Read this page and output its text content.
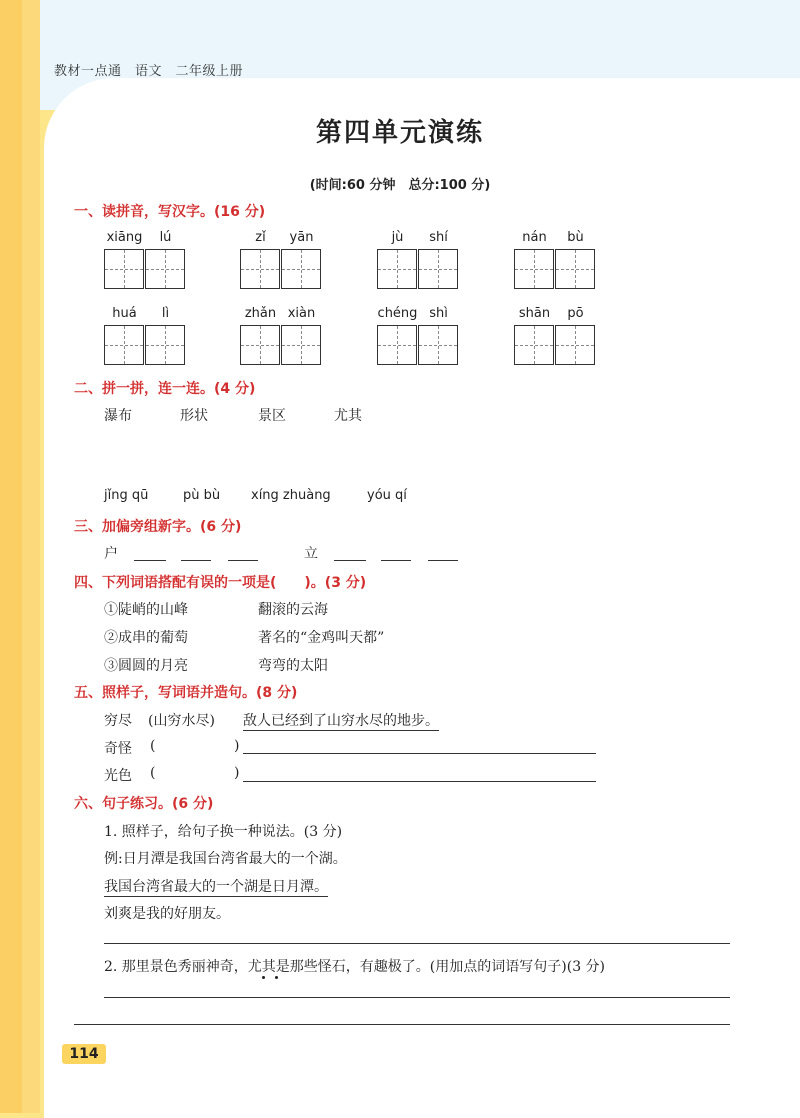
教材一点通　语文　二年级上册
第四单元演练
(时间:60 分钟　总分:100 分)
一、读拼音，写汉字。(16 分)
xiāng	lú	zǐ	yān	jù	shí	nán	bù
huá	lì	zhǎn xiàn	chéng shì	shān	pō
二、拼一拼，连一连。(4 分)
瀑布	形状	景区	尤其
jǐng qū	pù bù xíng zhuàng	yóu qí
三、加偏旁组新字。(6 分)
户	立
四、下列词语搭配有误的一项是(　　)。(3 分)
①陡峭的山峰	翻滚的云海
②成串的葡萄	著名的“金鸡叫天都”
③圆圆的月亮	弯弯的太阳
五、照样子，写词语并造句。(8 分)
穷尽 (山穷水尽) 敌人已经到了山穷水尽的地步。
奇怪 (	)
光色 (	)
六、句子练习。(6 分)
1. 照样子，给句子换一种说法。(3 分)
例:日月潭是我国台湾省最大的一个湖。
我国台湾省最大的一个湖是日月潭。
刘爽是我的好朋友。
2. 那里景色秀丽神奇，尤其是那些怪石，有趣极了。(用加点的词语写句子)(3 分)
114
